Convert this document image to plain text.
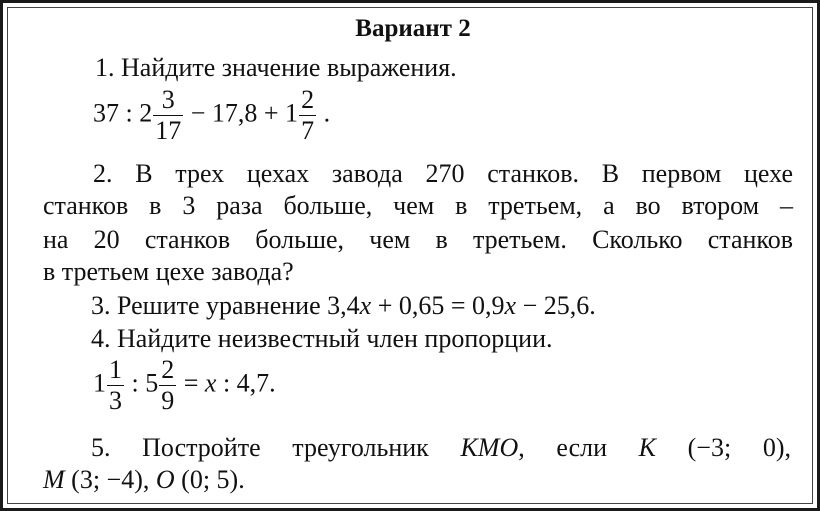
Вариант 2
1. Найдите значение выражения.
37 : $2 \frac{3}{17} - 17,8 + 1 \frac{2}{7}$ .
2. В трех цехах завода 270 станков. В первом цехе
станков в 3 раза больше, чем в третьем, а во втором –
на 20 станков больше, чем в третьем. Сколько станков
в третьем цехе завода?
3. Решите уравнение 3,4x + 0,65 = 0,9x − 25,6.
4. Найдите неизвестный член пропорции.
$1 \frac{1}{3}$ : $5 \frac{2}{9} = x$ : 4,7.
5. Постройте треугольник KMO, если K (−3; 0),
M (3; −4), O (0; 5).
